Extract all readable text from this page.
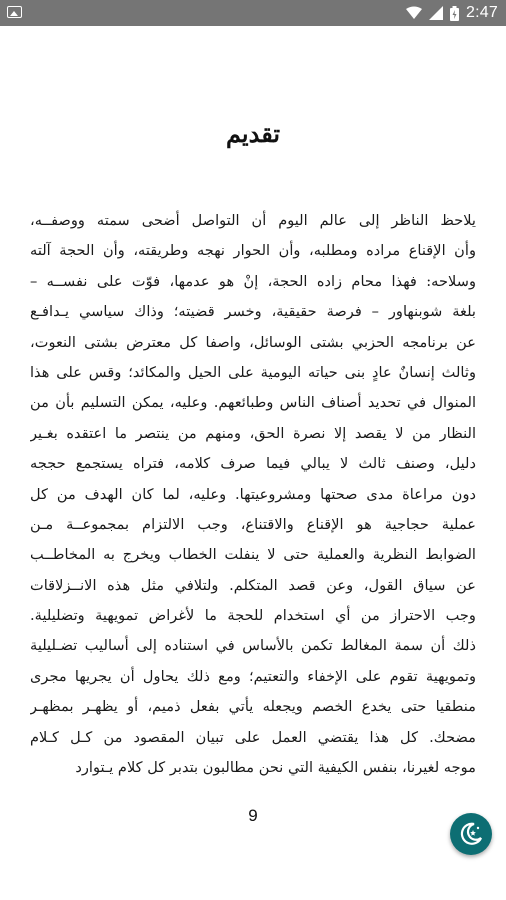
2:47
تقديم
يلاحظ الناظر إلى عالم اليوم أن التواصل أضحى سمته ووصفــه،
وأن الإقناع مراده ومطلبه، وأن الحوار نهجه وطريقته، وأن الحجة آلته
وسلاحه: فهذا محام زاده الحجة، إنْ هو عدمها، فوّت على نفســه –
بلغة شوبنهاور – فرصة حقيقية، وخسر قضيته؛ وذاك سياسي يـدافـع
عن برنامجه الحزبي بشتى الوسائل، واصفا كل معترض بشتى النعوت،
وثالث إنسانٌ عادٍ بنى حياته اليومية على الحيل والمكائد؛ وقس على هذا
المنوال في تحديد أصناف الناس وطبائعهم. وعليه، يمكن التسليم بأن من
النظار من لا يقصد إلا نصرة الحق، ومنهم من ينتصر ما اعتقده بغـير
دليل، وصنف ثالث لا يبالي فيما صرف كلامه، فتراه يستجمع حججه
دون مراعاة مدى صحتها ومشروعيتها. وعليه، لما كان الهدف من كل
عملية حجاجية هو الإقناع والاقتناع، وجب الالتزام بمجموعــة مـن
الضوابط النظرية والعملية حتى لا ينفلت الخطاب ويخرج به المخاطــب
عن سياق القول، وعن قصد المتكلم. ولتلافي مثل هذه الانــزلاقات
وجب الاحتراز من أي استخدام للحجة ما لأغراض تمويهية وتضليلية.
ذلك أن سمة المغالط تكمن بالأساس في استناده إلى أساليب تضـليلية
وتمويهية تقوم على الإخفاء والتعتيم؛ ومع ذلك يحاول أن يجريها مجرى
منطقيا حتى يخدع الخصم ويجعله يأتي بفعل ذميم، أو يظهـر بمظهـر
مضحك. كل هذا يقتضي العمل على تبيان المقصود من كـل كـلام
موجه لغيرنا، بنفس الكيفية التي نحن مطالبون بتدبر كل كلام يـتوارد
9
